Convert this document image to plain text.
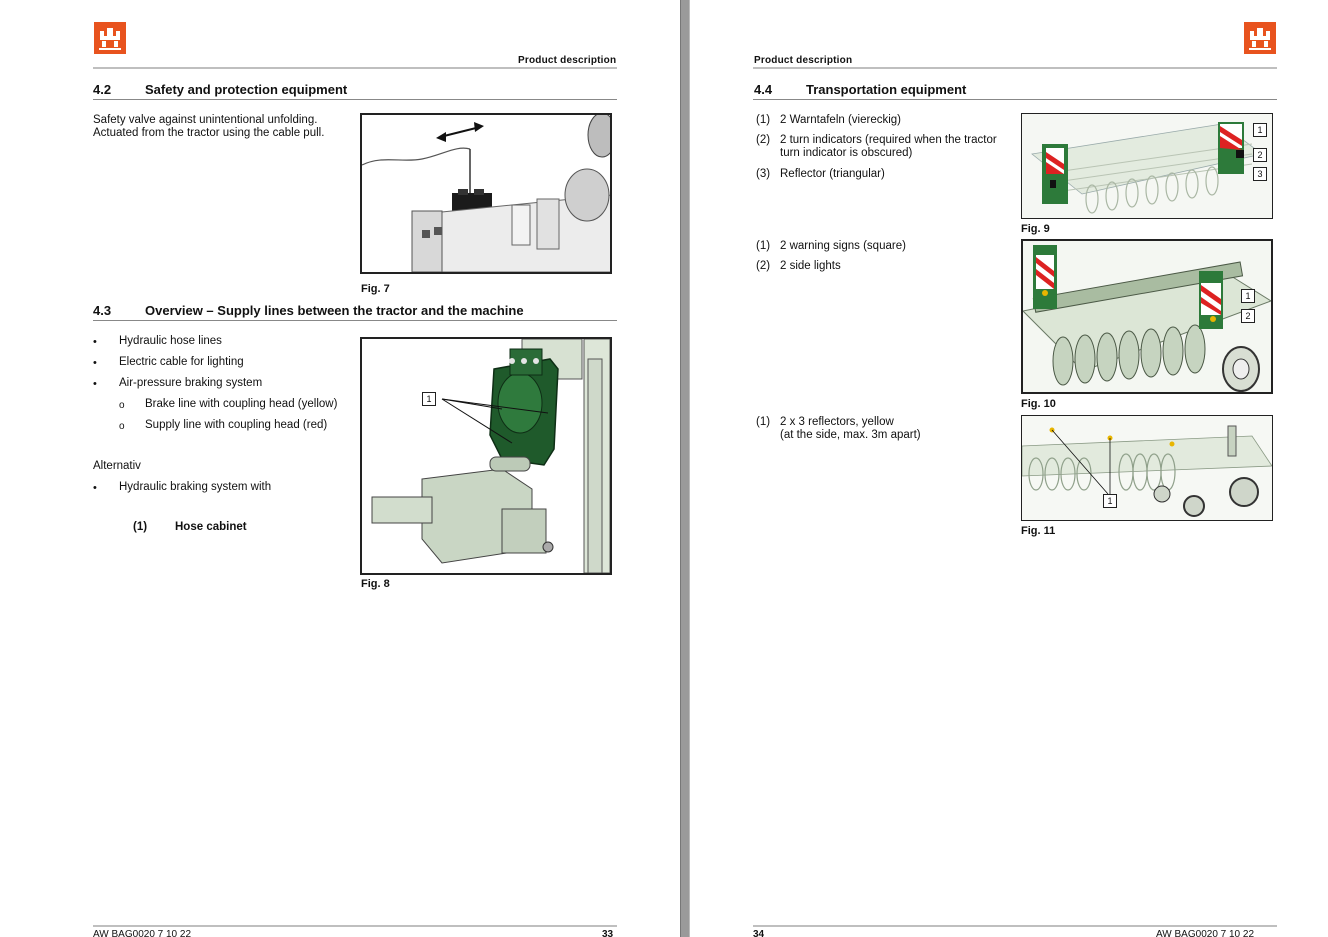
Product description
4.2	Safety and protection equipment
Safety valve against unintentional unfolding.
Actuated from the tractor using the cable pull.
Fig. 7
4.3	Overview – Supply lines between the tractor and the machine
• Hydraulic hose lines
• Electric cable for lighting
• Air-pressure braking system
o Brake line with coupling head (yellow)
o Supply line with coupling head (red)
Alternativ
• Hydraulic braking system with
(1) Hose cabinet
1
Fig. 8
AW BAG0020 7 10 22	33
Product description
4.4	Transportation equipment
(1) 2 Warntafeln (viereckig)
(2) 2 turn indicators (required when the tractor
turn indicator is obscured)
(3) Reflector (triangular)
1
2
3
Fig. 9
(1) 2 warning signs (square)
(2) 2 side lights
1
2
Fig. 10
(1) 2 x 3 reflectors, yellow
(at the side, max. 3m apart)
1
Fig. 11
34	AW BAG0020 7 10 22
